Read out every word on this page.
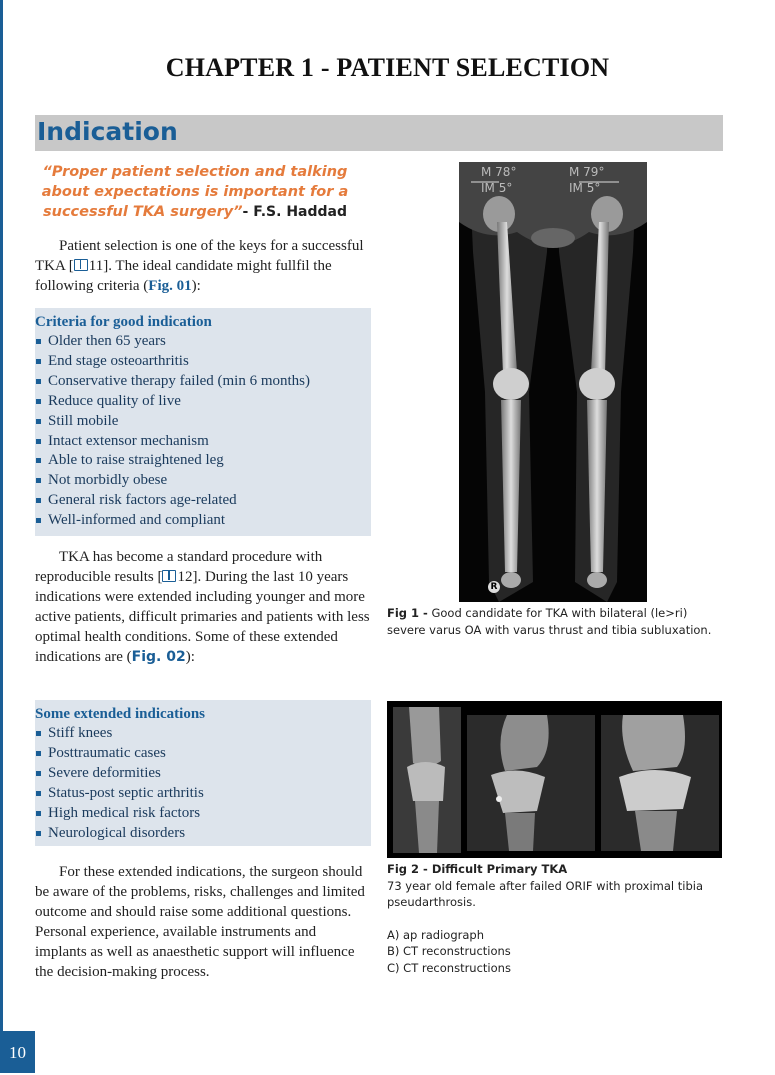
CHAPTER 1 - PATIENT SELECTION
Indication
“Proper patient selection and talking about expectations is important for a successful TKA surgery”- F.S. Haddad
Patient selection is one of the keys for a successful TKA [ 11]. The ideal candidate might fullfil the following criteria (Fig. 01):
Criteria for good indication
Older then 65 years
End stage osteoarthritis
Conservative therapy failed (min 6 months)
Reduce quality of live
Still mobile
Intact extensor mechanism
Able to raise straightened leg
Not morbidly obese
General risk factors age-related
Well-informed and compliant
TKA has become a standard procedure with reproducible results [ 12]. During the last 10 years indications were extended including younger and more active patients, difficult primaries and patients with less optimal health conditions. Some of these extended indications are (Fig. 02):
Some extended indications
Stiff knees
Posttraumatic cases
Severe deformities
Status-post septic arthritis
High medical risk factors
Neurological disorders
For these extended indications, the surgeon should be aware of the problems, risks, challenges and limited outcome and should raise some additional questions. Personal experience, available instruments and implants as well as anaesthetic support will influence the decision-making process.
M 78°
IM 5°
M 79°
IM 5°
R
Fig 1 - Good candidate for TKA with bilateral (le>ri) severe varus OA with varus thrust and tibia subluxation.
Fig 2 - Difficult Primary TKA
73 year old female after failed ORIF with proximal tibia pseudarthrosis.
A) ap radiograph
B) CT reconstructions
C) CT reconstructions
10
